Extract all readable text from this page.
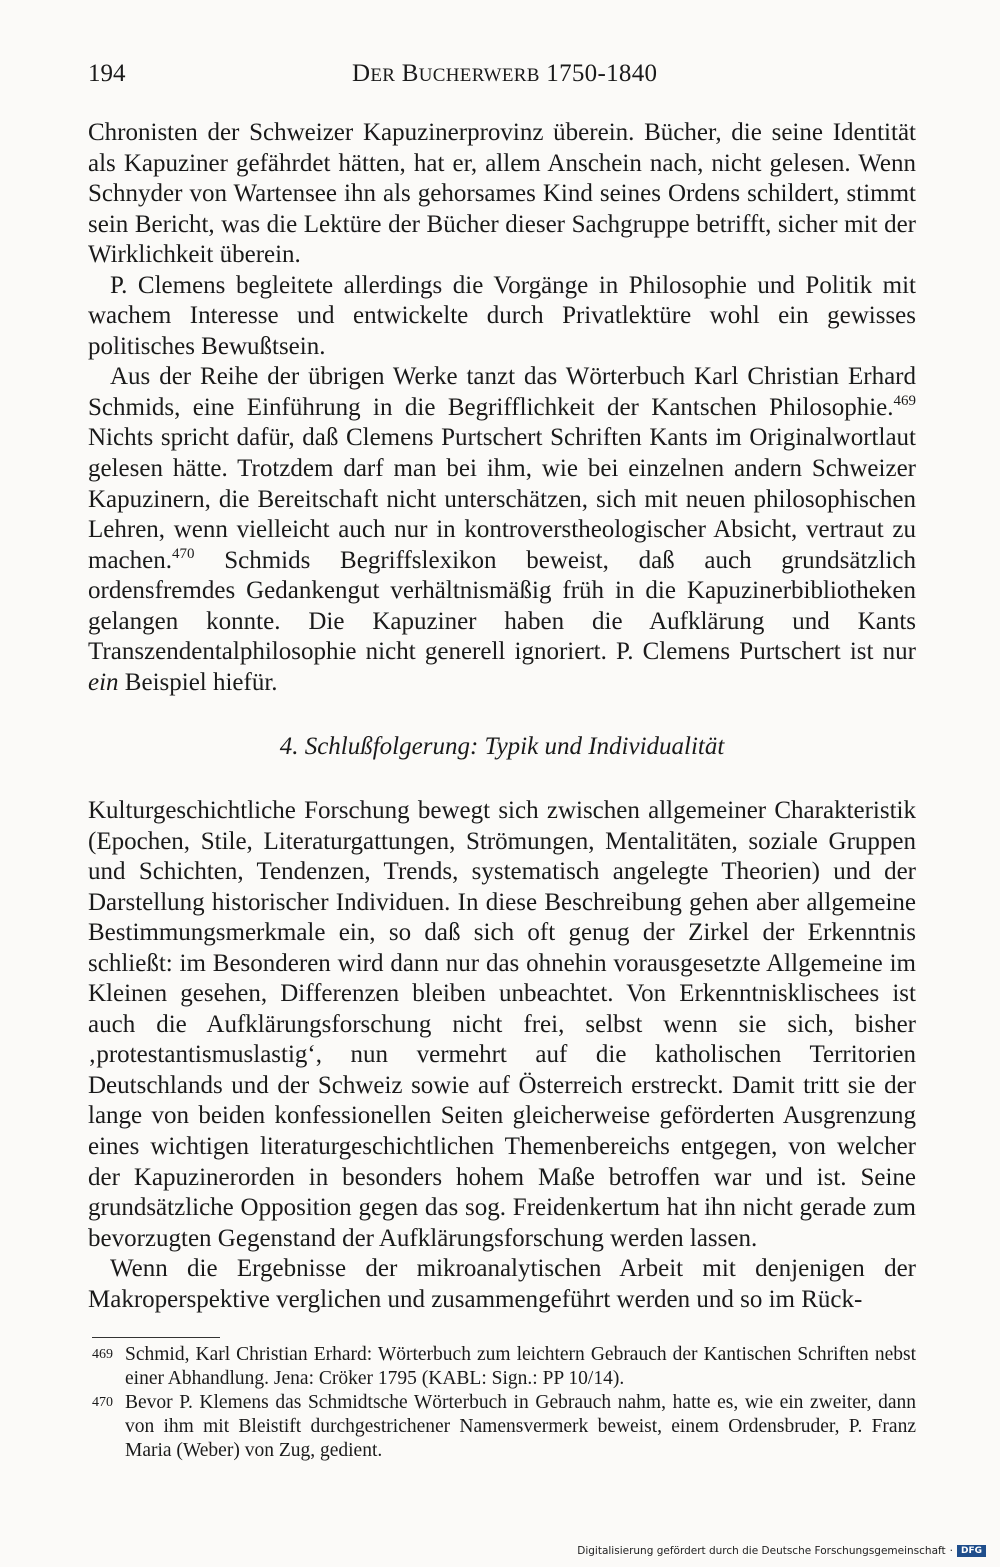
194	DER BUCHERWERB 1750-1840

Chronisten der Schweizer Kapuzinerprovinz überein. Bücher, die seine Identität als Kapuziner gefährdet hätten, hat er, allem Anschein nach, nicht gelesen. Wenn Schnyder von Wartensee ihn als gehorsames Kind seines Ordens schildert, stimmt sein Bericht, was die Lektüre der Bücher dieser Sachgruppe betrifft, sicher mit der Wirklichkeit überein.

P. Clemens begleitete allerdings die Vorgänge in Philosophie und Politik mit wachem Interesse und entwickelte durch Privatlektüre wohl ein gewisses politisches Bewußtsein.

Aus der Reihe der übrigen Werke tanzt das Wörterbuch Karl Christian Erhard Schmids, eine Einführung in die Begrifflichkeit der Kantschen Philosophie.$^{469}$ Nichts spricht dafür, daß Clemens Purtschert Schriften Kants im Originalwortlaut gelesen hätte. Trotzdem darf man bei ihm, wie bei einzelnen andern Schweizer Kapuzinern, die Bereitschaft nicht unterschätzen, sich mit neuen philosophischen Lehren, wenn vielleicht auch nur in kontroverstheologischer Absicht, vertraut zu machen.$^{470}$ Schmids Begriffslexikon beweist, daß auch grundsätzlich ordensfremdes Gedankengut verhältnismäßig früh in die Kapuzinerbibliotheken gelangen konnte. Die Kapuziner haben die Aufklärung und Kants Transzendentalphilosophie nicht generell ignoriert. P. Clemens Purtschert ist nur ein Beispiel hiefür.

4. Schlußfolgerung: Typik und Individualität

Kulturgeschichtliche Forschung bewegt sich zwischen allgemeiner Charakteristik (Epochen, Stile, Literaturgattungen, Strömungen, Mentalitäten, soziale Gruppen und Schichten, Tendenzen, Trends, systematisch angelegte Theorien) und der Darstellung historischer Individuen. In diese Beschreibung gehen aber allgemeine Bestimmungsmerkmale ein, so daß sich oft genug der Zirkel der Erkenntnis schließt: im Besonderen wird dann nur das ohnehin vorausgesetzte Allgemeine im Kleinen gesehen, Differenzen bleiben unbeachtet. Von Erkenntnisklischees ist auch die Aufklärungsforschung nicht frei, selbst wenn sie sich, bisher ‚protestantismuslastig‘, nun vermehrt auf die katholischen Territorien Deutschlands und der Schweiz sowie auf Österreich erstreckt. Damit tritt sie der lange von beiden konfessionellen Seiten gleicherweise geförderten Ausgrenzung eines wichtigen literaturgeschichtlichen Themenbereichs entgegen, von welcher der Kapuzinerorden in besonders hohem Maße betroffen war und ist. Seine grundsätzliche Opposition gegen das sog. Freidenkertum hat ihn nicht gerade zum bevorzugten Gegenstand der Aufklärungsforschung werden lassen.

Wenn die Ergebnisse der mikroanalytischen Arbeit mit denjenigen der Makroperspektive verglichen und zusammengeführt werden und so im Rück-

469 Schmid, Karl Christian Erhard: Wörterbuch zum leichtern Gebrauch der Kantischen Schriften nebst einer Abhandlung. Jena: Cröker 1795 (KABL: Sign.: PP 10/14).
470 Bevor P. Klemens das Schmidtsche Wörterbuch in Gebrauch nahm, hatte es, wie ein zweiter, dann von ihm mit Bleistift durchgestrichener Namensvermerk beweist, einem Ordensbruder, P. Franz Maria (Weber) von Zug, gedient.
Digitalisierung gefördert durch die Deutsche Forschungsgemeinschaft · DFG
